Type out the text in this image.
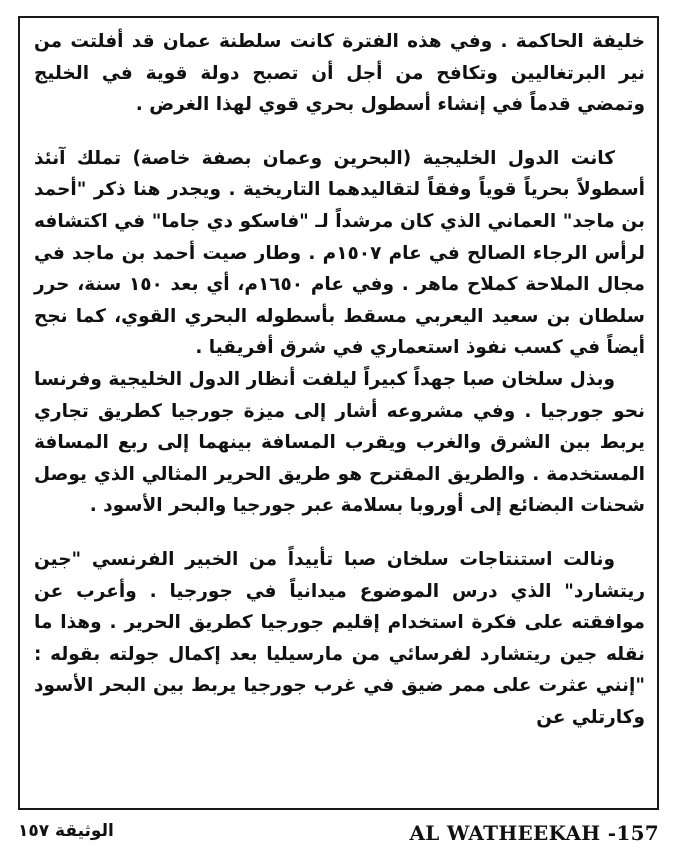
خليفة الحاكمة . وفي هذه الفترة كانت سلطنة عمان قد أفلتت من نير البرتغاليين وتكافح من أجل أن تصبح دولة قوية في الخليج وتمضي قدماً في إنشاء أسطول بحري قوي لهذا الغرض .

كانت الدول الخليجية (البحرين وعمان بصفة خاصة) تملك آنئذ أسطولاً بحرياً قوياً وفقاً لتقاليدهما التاريخية . ويجدر هنا ذكر "أحمد بن ماجد" العماني الذي كان مرشداً لـ "فاسكو دي جاما" في اكتشافه لرأس الرجاء الصالح في عام ١٥٠٧م . وطار صيت أحمد بن ماجد في مجال الملاحة كملاح ماهر . وفي عام ١٦٥٠م، أي بعد ١٥٠ سنة، حرر سلطان بن سعيد اليعربي مسقط بأسطوله البحري القوي، كما نجح أيضاً في كسب نفوذ استعماري في شرق أفريقيا .

وبذل سلخان صبا جهداً كبيراً ليلفت أنظار الدول الخليجية وفرنسا نحو جورجيا . وفي مشروعه أشار إلى ميزة جورجيا كطريق تجاري يربط بين الشرق والغرب ويقرب المسافة بينهما إلى ربع المسافة المستخدمة . والطريق المقترح هو طريق الحرير المثالي الذي يوصل شحنات البضائع إلى أوروبا بسلامة عبر جورجيا والبحر الأسود .

ونالت استنتاجات سلخان صبا تأييداً من الخبير الفرنسي "جين ريتشارد" الذي درس الموضوع ميدانياً في جورجيا . وأعرب عن موافقته على فكرة استخدام إقليم جورجيا كطريق الحرير . وهذا ما نقله جين ريتشارد لفرسائي من مارسيليا بعد إكمال جولته بقوله : "إنني عثرت على ممر ضيق في غرب جورجيا يربط بين البحر الأسود وكارتلي عن

AL WATHEEKAH -157
الوثيقة ١٥٧
